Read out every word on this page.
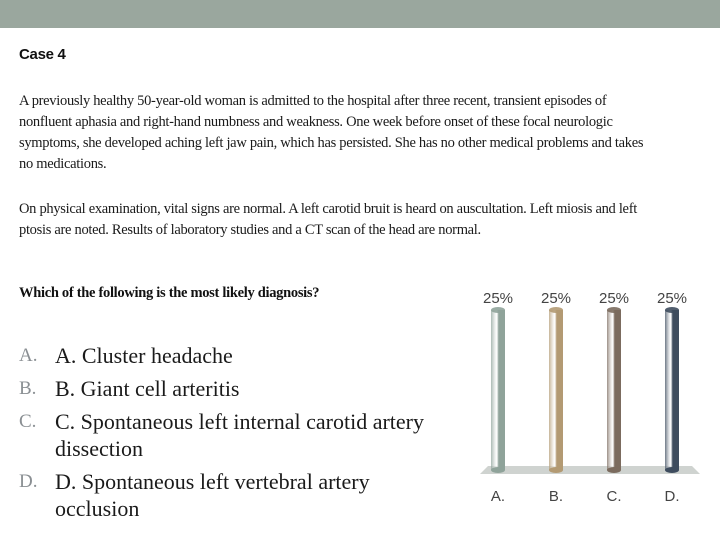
Case 4

A previously healthy 50-year-old woman is admitted to the hospital after three recent, transient episodes of nonfluent aphasia and right-hand numbness and weakness. One week before onset of these focal neurologic symptoms, she developed aching left jaw pain, which has persisted. She has no other medical problems and takes no medications.

On physical examination, vital signs are normal. A left carotid bruit is heard on auscultation. Left miosis and left ptosis are noted. Results of laboratory studies and a CT scan of the head are normal.

Which of the following is the most likely diagnosis?
A. A. Cluster headache
B. B. Giant cell arteritis
C. C. Spontaneous left internal carotid artery dissection
D. D. Spontaneous left vertebral artery occlusion
25%
A.
25%
B.
25%
C.
25%
D.
